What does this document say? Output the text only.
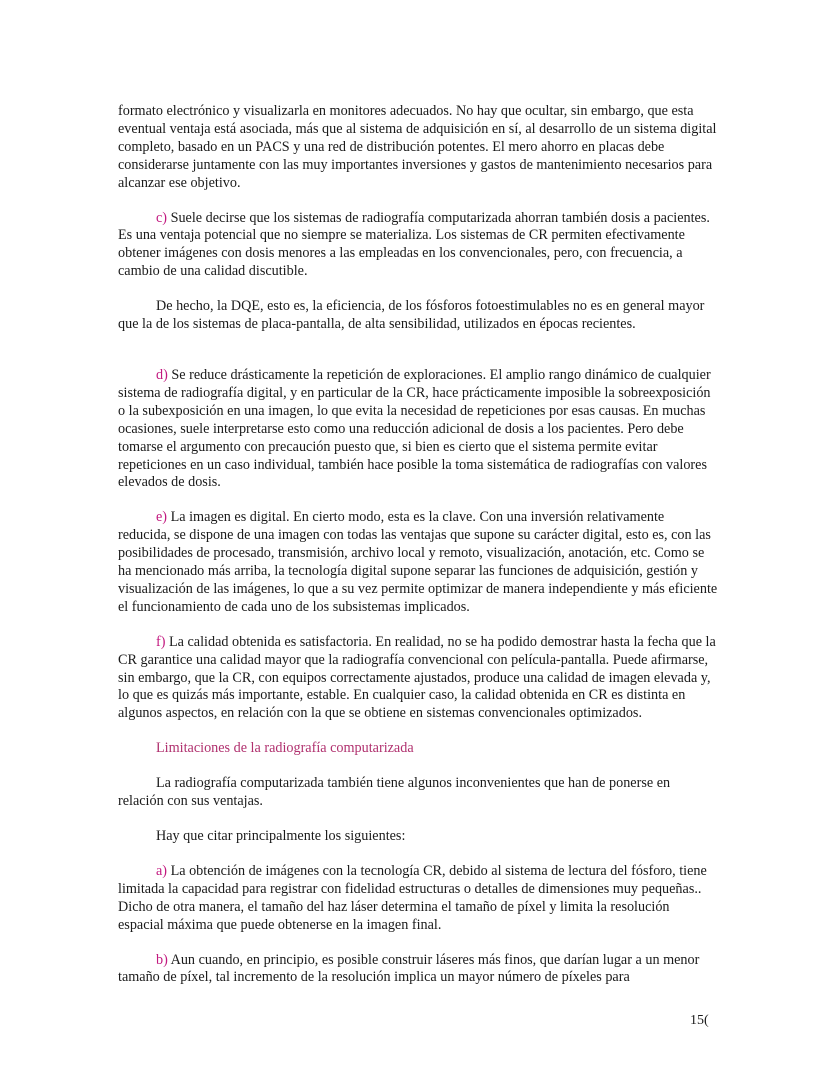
formato electrónico y visualizarla en monitores adecuados. No hay que ocultar, sin embargo, que esta eventual ventaja está asociada, más que al sistema de adquisición en sí, al desarrollo de un sistema digital completo, basado en un PACS y una red de distribución potentes. El mero ahorro en placas debe considerarse juntamente con las muy importantes inversiones y gastos de mantenimiento necesarios para alcanzar ese objetivo.

c) Suele decirse que los sistemas de radiografía computarizada ahorran también dosis a pacientes. Es una ventaja potencial que no siempre se materializa. Los sistemas de CR permiten efectivamente obtener imágenes con dosis menores a las empleadas en los convencionales, pero, con frecuencia, a cambio de una calidad discutible.

De hecho, la DQE, esto es, la eficiencia, de los fósforos fotoestimulables no es en general mayor que la de los sistemas de placa-pantalla, de alta sensibilidad, utilizados en épocas recientes.

d) Se reduce drásticamente la repetición de exploraciones. El amplio rango dinámico de cualquier sistema de radiografía digital, y en particular de la CR, hace prácticamente imposible la sobreexposición o la subexposición en una imagen, lo que evita la necesidad de repeticiones por esas causas. En muchas ocasiones, suele interpretarse esto como una reducción adicional de dosis a los pacientes. Pero debe tomarse el argumento con precaución puesto que, si bien es cierto que el sistema permite evitar repeticiones en un caso individual, también hace posible la toma sistemática de radiografías con valores elevados de dosis.

e) La imagen es digital. En cierto modo, esta es la clave. Con una inversión relativamente reducida, se dispone de una imagen con todas las ventajas que supone su carácter digital, esto es, con las posibilidades de procesado, transmisión, archivo local y remoto, visualización, anotación, etc. Como se ha mencionado más arriba, la tecnología digital supone separar las funciones de adquisición, gestión y visualización de las imágenes, lo que a su vez permite optimizar de manera independiente y más eficiente el funcionamiento de cada uno de los subsistemas implicados.

f) La calidad obtenida es satisfactoria. En realidad, no se ha podido demostrar hasta la fecha que la CR garantice una calidad mayor que la radiografía convencional con película-pantalla. Puede afirmarse, sin embargo, que la CR, con equipos correctamente ajustados, produce una calidad de imagen elevada y, lo que es quizás más importante, estable. En cualquier caso, la calidad obtenida en CR es distinta en algunos aspectos, en relación con la que se obtiene en sistemas convencionales optimizados.

Limitaciones de la radiografía computarizada

La radiografía computarizada también tiene algunos inconvenientes que han de ponerse en relación con sus ventajas.

Hay que citar principalmente los siguientes:

a) La obtención de imágenes con la tecnología CR, debido al sistema de lectura del fósforo, tiene limitada la capacidad para registrar con fidelidad estructuras o detalles de dimensiones muy pequeñas.. Dicho de otra manera, el tamaño del haz láser determina el tamaño de píxel y limita la resolución espacial máxima que puede obtenerse en la imagen final.

b) Aun cuando, en principio, es posible construir láseres más finos, que darían lugar a un menor tamaño de píxel, tal incremento de la resolución implica un mayor número de píxeles para

15(
